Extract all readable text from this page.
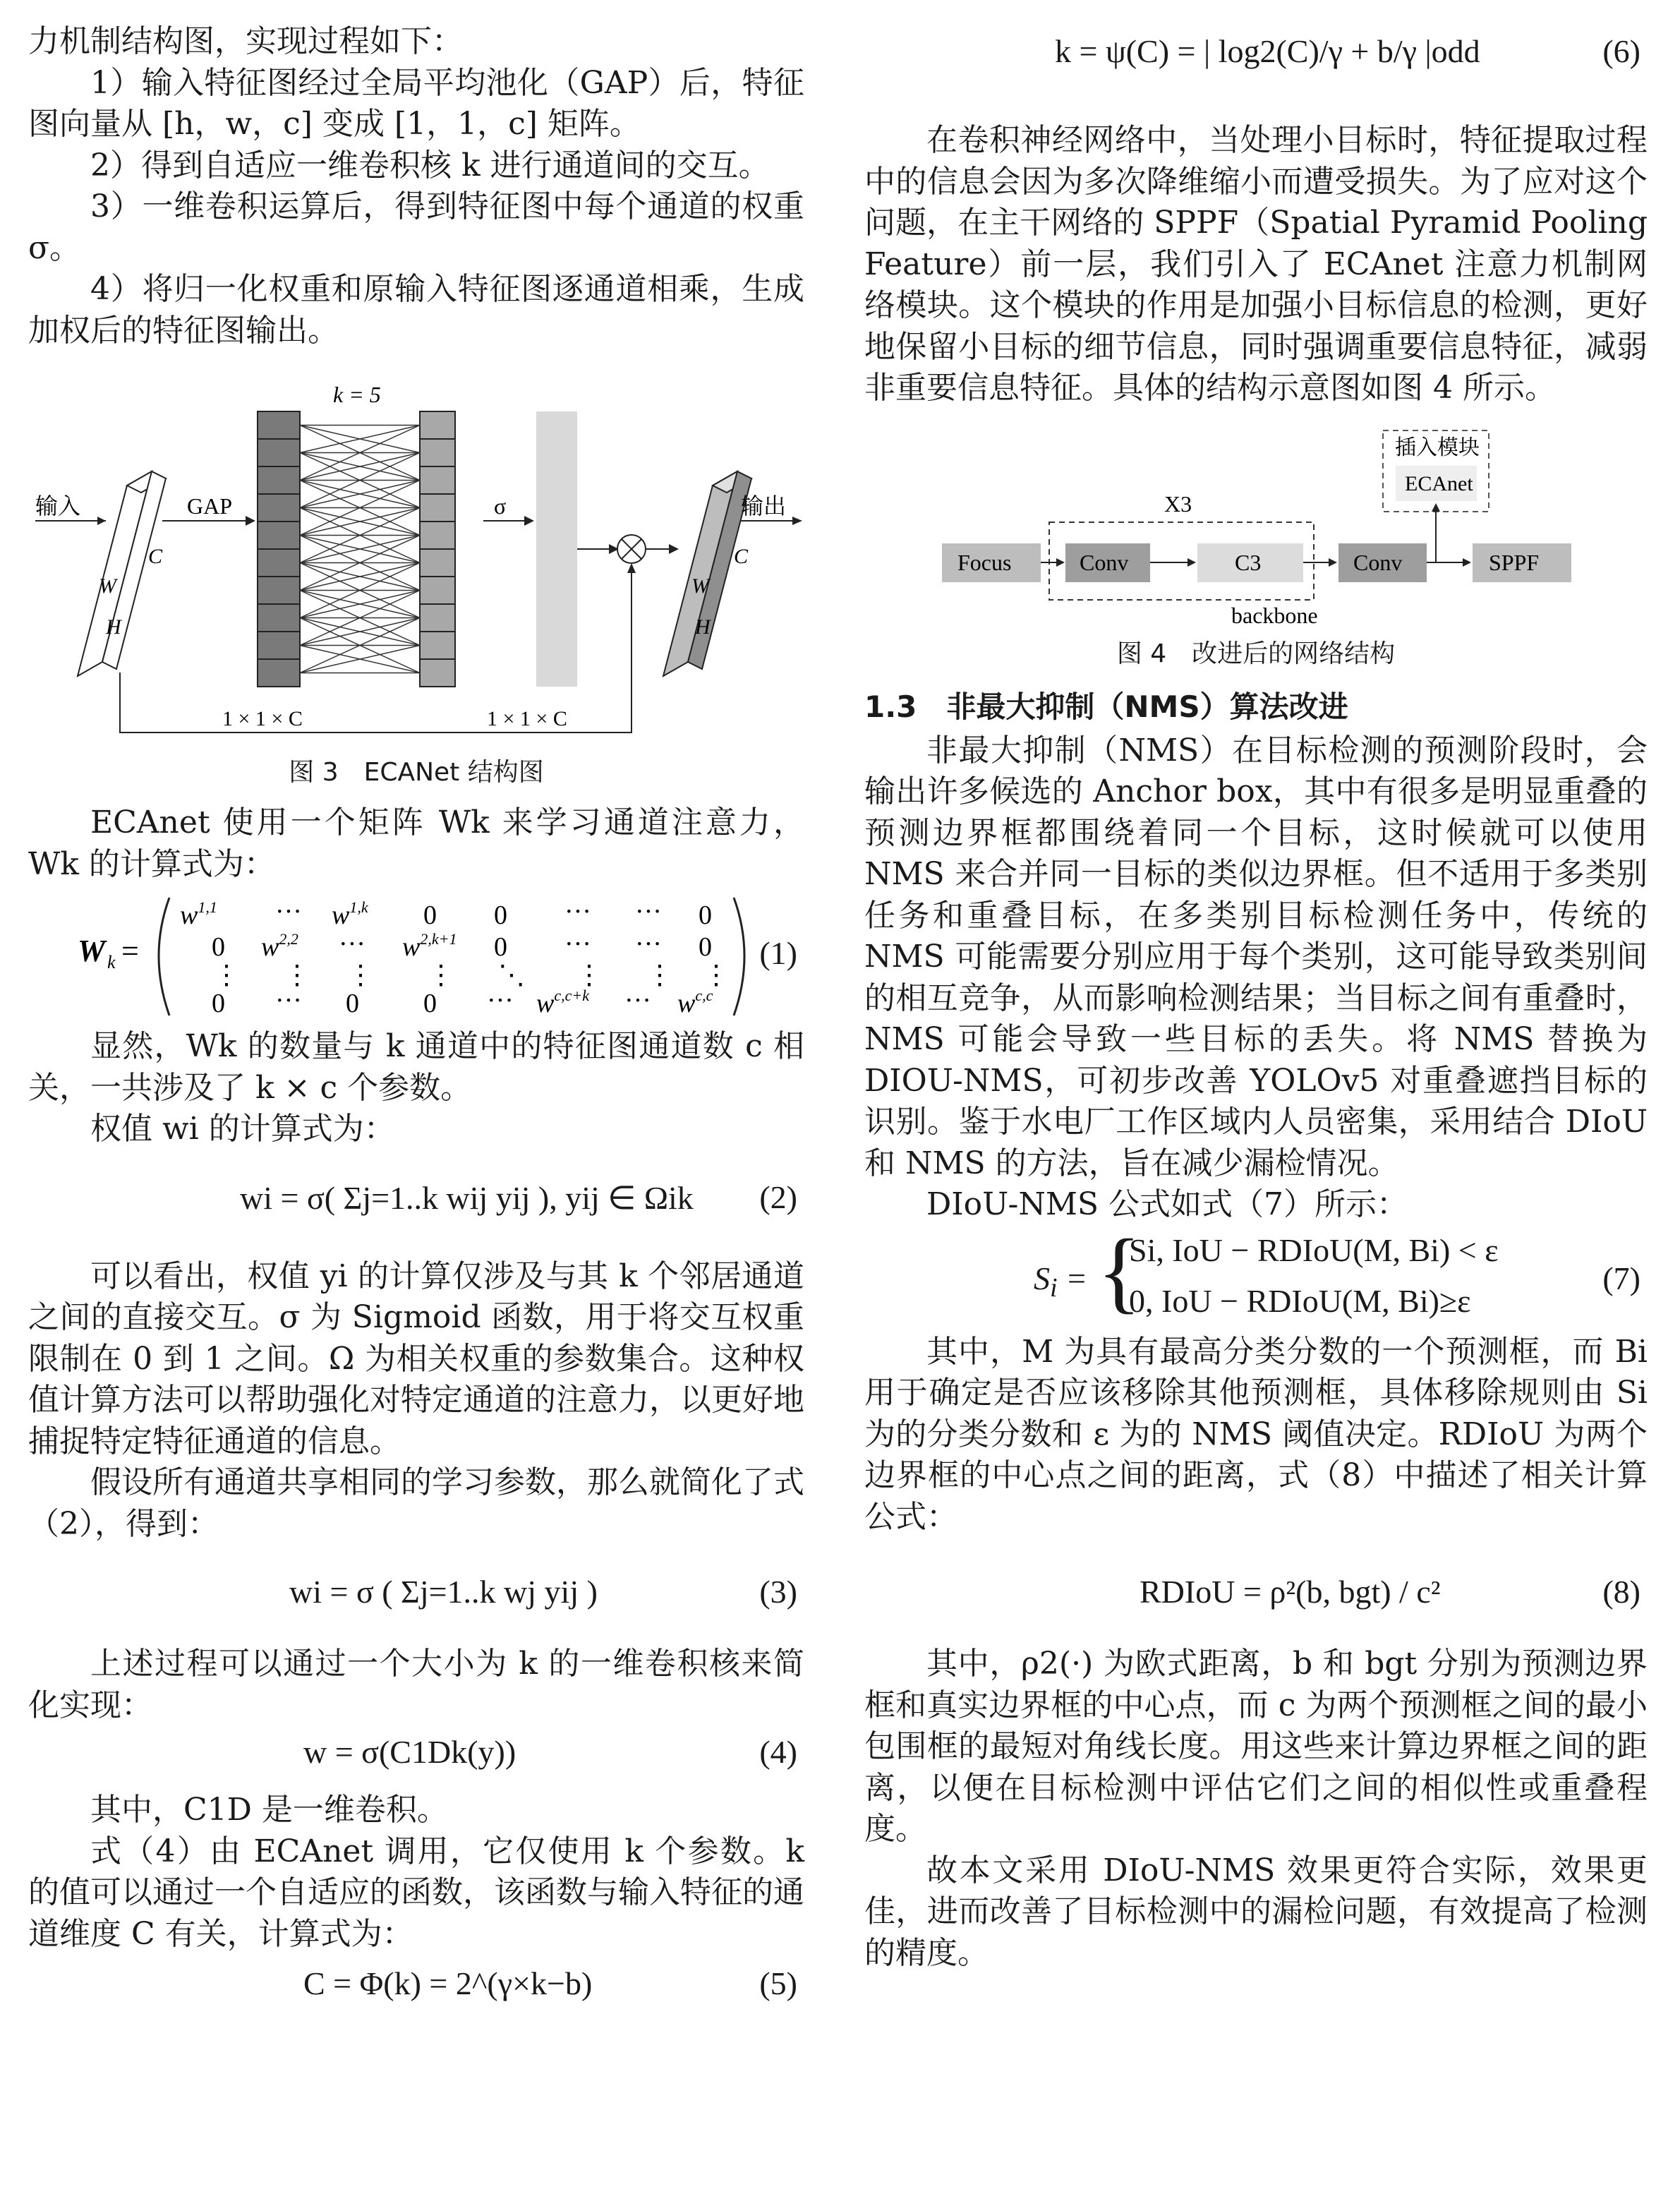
力机制结构图，实现过程如下：

1）输入特征图经过全局平均池化（GAP）后，特征图向量从 [h，w，c] 变成 [1，1，c] 矩阵。

2）得到自适应一维卷积核 k 进行通道间的交互。

3）一维卷积运算后，得到特征图中每个通道的权重 σ。

4）将归一化权重和原输入特征图逐通道相乘，生成加权后的特征图输出。

k = 5
输入
C
W
H
GAP	σ
C
W
H
输出
1 × 1 × C	1 × 1 × C
图 3　ECANet 结构图

ECAnet 使用一个矩阵 Wk 来学习通道注意力，Wk 的计算式为：

W k =
$w^{1,1}$ ··· $w^{1,k}$ 0 0 ··· ··· 0
0 $w^{2,2}$ ··· $w^{2,k+1}$ 0 ··· ··· 0
⋮ ⋮ ⋮ ⋮ ⋱ ⋮ ⋮ ⋮
0 ··· 0 0 ··· $w^{c,c+k}$ ··· $w^{c,c}$
(1)

显然，Wk 的数量与 k 通道中的特征图通道数 c 相关，一共涉及了 k × c 个参数。

权值 wi 的计算式为：

wi = σ( Σj=1..k wij yij ), yij ∈ Ωik (2)

可以看出，权值 yi 的计算仅涉及与其 k 个邻居通道之间的直接交互。σ 为 Sigmoid 函数，用于将交互权重限制在 0 到 1 之间。Ω 为相关权重的参数集合。这种权值计算方法可以帮助强化对特定通道的注意力，以更好地捕捉特定特征通道的信息。

假设所有通道共享相同的学习参数，那么就简化了式（2），得到：

wi = σ ( Σj=1..k wj yij )	(3)

上述过程可以通过一个大小为 k 的一维卷积核来简化实现：

w = σ(C1Dk(y))	(4)

其中，C1D 是一维卷积。

式（4）由 ECAnet 调用，它仅使用 k 个参数。k 的值可以通过一个自适应的函数，该函数与输入特征的通道维度 C 有关，计算式为：

C = Φ(k) = 2^(γ×k−b)	(5)
k = ψ(C) = | log2(C)/γ + b/γ |odd	(6)

在卷积神经网络中，当处理小目标时，特征提取过程中的信息会因为多次降维缩小而遭受损失。为了应对这个问题，在主干网络的 SPPF（Spatial Pyramid Pooling Feature）前一层，我们引入了 ECAnet 注意力机制网络模块。这个模块的作用是加强小目标信息的检测，更好地保留小目标的细节信息，同时强调重要信息特征，减弱非重要信息特征。具体的结构示意图如图 4 所示。

插入模块
ECAnet
X3
Focus	Conv	C3	Conv	SPPF
backbone
图 4　改进后的网络结构
1.3　非最大抑制（NMS）算法改进

非最大抑制（NMS）在目标检测的预测阶段时，会输出许多候选的 Anchor box，其中有很多是明显重叠的预测边界框都围绕着同一个目标，这时候就可以使用 NMS 来合并同一目标的类似边界框。但不适用于多类别任务和重叠目标，在多类别目标检测任务中，传统的 NMS 可能需要分别应用于每个类别，这可能导致类别间的相互竞争，从而影响检测结果；当目标之间有重叠时，NMS 可能会导致一些目标的丢失。将 NMS 替换为 DIOU-NMS，可初步改善 YOLOv5 对重叠遮挡目标的识别。鉴于水电厂工作区域内人员密集，采用结合 DIoU 和 NMS 的方法，旨在减少漏检情况。

DIoU-NMS 公式如式（7）所示：

$S_i$ = {
Si, IoU − RDIoU(M, Bi) < ε
0, IoU − RDIoU(M, Bi)≥ε
(7)

其中，M 为具有最高分类分数的一个预测框，而 Bi 用于确定是否应该移除其他预测框，具体移除规则由 Si 为的分类分数和 ε 为的 NMS 阈值决定。RDIoU 为两个边界框的中心点之间的距离，式（8）中描述了相关计算公式：

RDIoU = ρ²(b, bgt) / c²	(8)

其中，ρ2(·) 为欧式距离，b 和 bgt 分别为预测边界框和真实边界框的中心点，而 c 为两个预测框之间的最小包围框的最短对角线长度。用这些来计算边界框之间的距离，以便在目标检测中评估它们之间的相似性或重叠程度。

故本文采用 DIoU-NMS 效果更符合实际，效果更佳，进而改善了目标检测中的漏检问题，有效提高了检测的精度。
